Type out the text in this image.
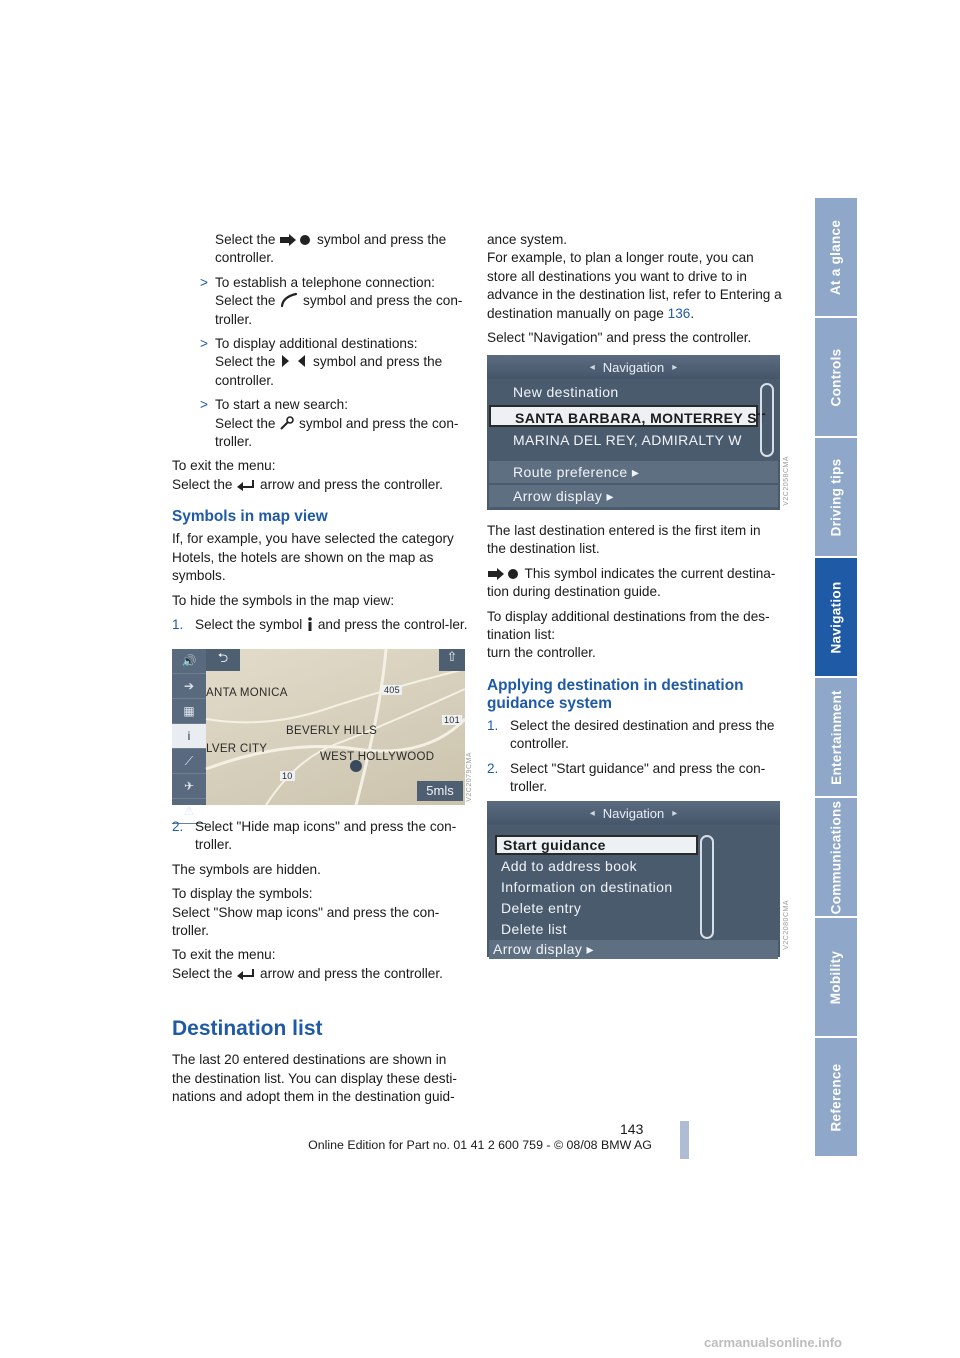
At a glance
Controls
Driving tips
Navigation
Entertainment
Communications
Mobility
Reference

Select the	symbol and press the controller.

> To establish a telephone connection:
Select the symbol and press the con-troller.
> To display additional destinations:
Select the	symbol and press the controller.
> To start a new search:
Select the symbol and press the con-troller.

To exit the menu:
Select the arrow and press the controller.

Symbols in map view

If, for example, you have selected the category Hotels, the hotels are shown on the map as symbols.

To hide the symbols in the map view:

1. Select the symbol and press the control-ler.
🔊
➔
▦
i
⟋
✈
⚠
⮌	⇧
ANTA MONICA
BEVERLY HILLS
WEST HOLLYWOOD
LVER CITY
405
101
10
5mls	V2C2079CMA
2. Select "Hide map icons" and press the con-troller.

The symbols are hidden.

To display the symbols:
Select "Show map icons" and press the con-troller.

To exit the menu:
Select the arrow and press the controller.

Destination list

The last 20 entered destinations are shown in the destination list. You can display these desti-nations and adopt them in the destination guid-

ance system.
For example, to plan a longer route, you can store all destinations you want to drive to in advance in the destination list, refer to Entering a destination manually on page 136.

Select "Navigation" and press the controller.

◂ Navigation ▸
New destination
SANTA BARBARA, MONTERREY ST
MARINA DEL REY, ADMIRALTY W
Route preference ▸
Arrow display ▸	V2C2058CMA

The last destination entered is the first item in the destination list.

This symbol indicates the current destina-tion during destination guide.

To display additional destinations from the des-tination list:
turn the controller.

Applying destination in destination guidance system
1. Select the desired destination and press the controller.
2. Select "Start guidance" and press the con-troller.
◂ Navigation ▸
Start guidance
Add to address book
Information on destination
Delete entry
Delete list
Arrow display ▸	V2C2080CMA
143
Online Edition for Part no. 01 41 2 600 759 - © 08/08 BMW AG
carmanualsonline.info
